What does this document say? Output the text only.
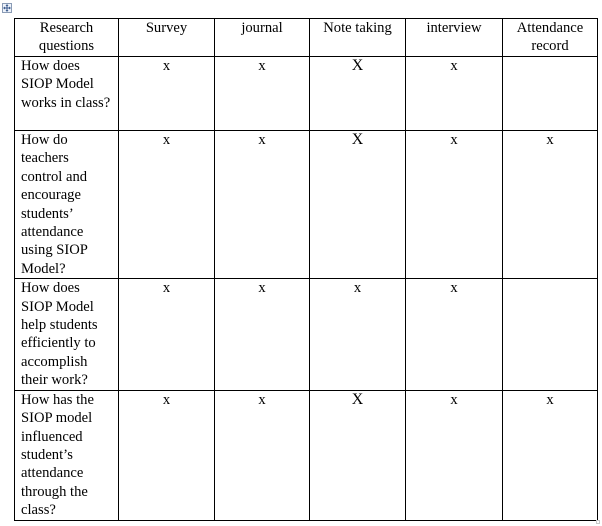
Research questions	Survey	journal	Note taking	interview	Attendance record
How does SIOP Model works in class?	x	x	X	x	
How do teachers control and encourage students’ attendance using SIOP Model?	x	x	X	x	x
How does SIOP Model help students efficiently to accomplish their work?	x	x	x	x	
How has the SIOP model influenced student’s attendance through the class?	x	x	X	x	x
